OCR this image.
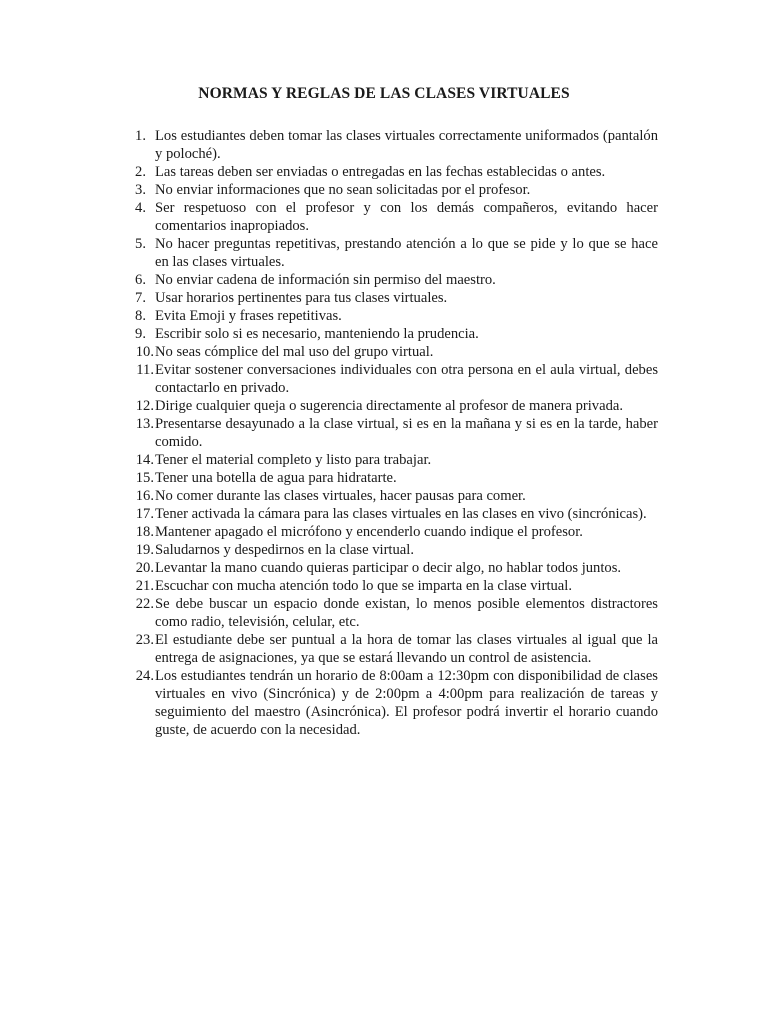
NORMAS Y REGLAS DE LAS CLASES VIRTUALES
1. Los estudiantes deben tomar las clases virtuales correctamente uniformados (pantalón y poloché).
2. Las tareas deben ser enviadas o entregadas en las fechas establecidas o antes.
3. No enviar informaciones que no sean solicitadas por el profesor.
4. Ser respetuoso con el profesor y con los demás compañeros, evitando hacer comentarios inapropiados.
5. No hacer preguntas repetitivas, prestando atención a lo que se pide y lo que se hace en las clases virtuales.
6. No enviar cadena de información sin permiso del maestro.
7. Usar horarios pertinentes para tus clases virtuales.
8. Evita Emoji y frases repetitivas.
9. Escribir solo si es necesario, manteniendo la prudencia.
10. No seas cómplice del mal uso del grupo virtual.
11. Evitar sostener conversaciones individuales con otra persona en el aula virtual, debes contactarlo en privado.
12. Dirige cualquier queja o sugerencia directamente al profesor de manera privada.
13. Presentarse desayunado a la clase virtual, si es en la mañana y si es en la tarde, haber comido.
14. Tener el material completo y listo para trabajar.
15. Tener una botella de agua para hidratarte.
16. No comer durante las clases virtuales, hacer pausas para comer.
17. Tener activada la cámara para las clases virtuales en las clases en vivo (sincrónicas).
18. Mantener apagado el micrófono y encenderlo cuando indique el profesor.
19. Saludarnos y despedirnos en la clase virtual.
20. Levantar la mano cuando quieras participar o decir algo, no hablar todos juntos.
21. Escuchar con mucha atención todo lo que se imparta en la clase virtual.
22. Se debe buscar un espacio donde existan, lo menos posible elementos distractores como radio, televisión, celular, etc.
23. El estudiante debe ser puntual a la hora de tomar las clases virtuales al igual que la entrega de asignaciones, ya que se estará llevando un control de asistencia.
24. Los estudiantes tendrán un horario de 8:00am a 12:30pm con disponibilidad de clases virtuales en vivo (Sincrónica) y de 2:00pm a 4:00pm para realización de tareas y seguimiento del maestro (Asincrónica). El profesor podrá invertir el horario cuando guste, de acuerdo con la necesidad.
